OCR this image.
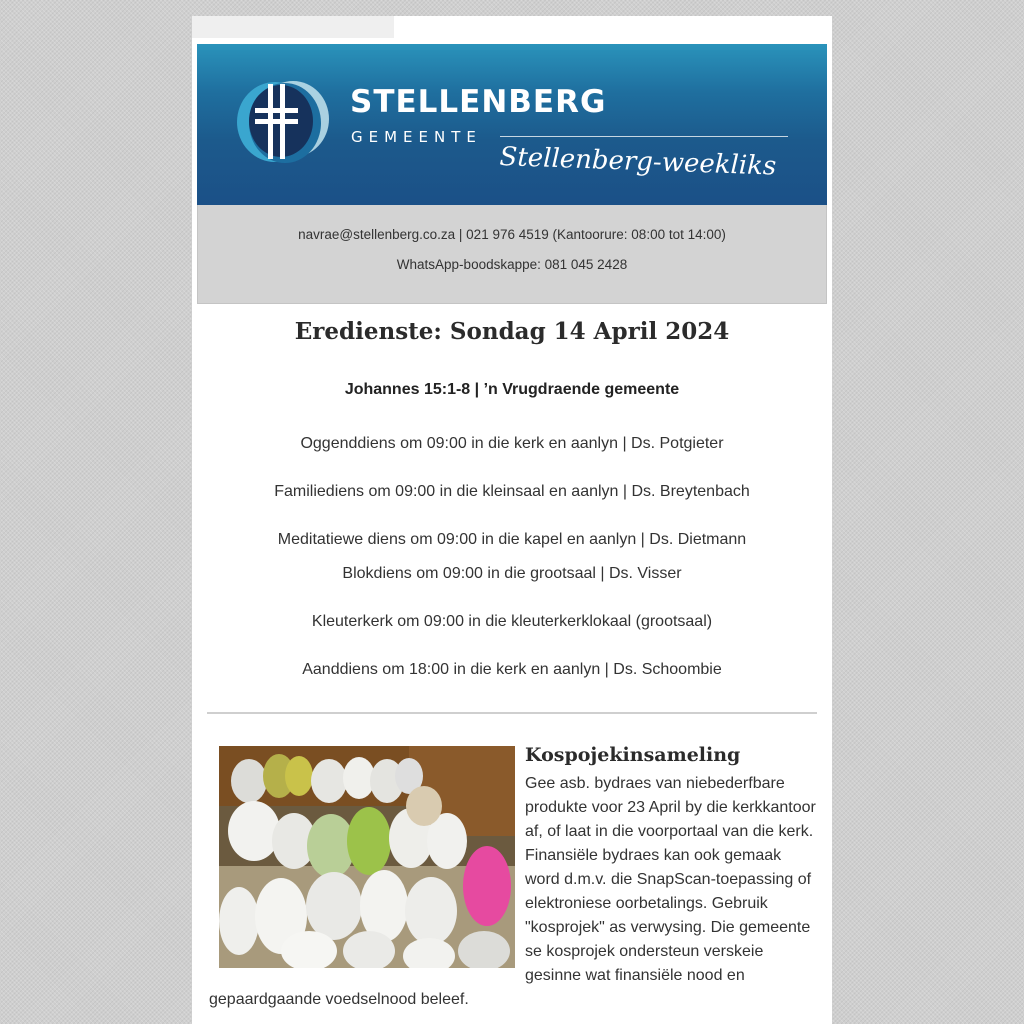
STELLENBERG
GEMEENTE
Stellenberg-weekliks
navrae@stellenberg.co.za | 021 976 4519 (Kantoorure: 08:00 tot 14:00)
WhatsApp-boodskappe: 081 045 2428
Eredienste: Sondag 14 April 2024
Johannes 15:1-8 | ’n Vrugdraende gemeente
Oggenddiens om 09:00 in die kerk en aanlyn | Ds. Potgieter
Familiediens om 09:00 in die kleinsaal en aanlyn | Ds. Breytenbach
Meditatiewe diens om 09:00 in die kapel en aanlyn | Ds. Dietmann
Blokdiens om 09:00 in die grootsaal | Ds. Visser
Kleuterkerk om 09:00 in die kleuterkerklokaal (grootsaal)
Aanddiens om 18:00 in die kerk en aanlyn | Ds. Schoombie
Kospojekinsameling
Gee asb. bydraes van niebederfbare
produkte voor 23 April by die kerkkantoor
af, of laat in die voorportaal van die kerk.
Finansiële bydraes kan ook gemaak
word d.m.v. die SnapScan-toepassing of
elektroniese oorbetalings. Gebruik
"kosprojek" as verwysing. Die gemeente
se kosprojek ondersteun verskeie
gesinne wat finansiële nood en
gepaardgaande voedselnood beleef.
